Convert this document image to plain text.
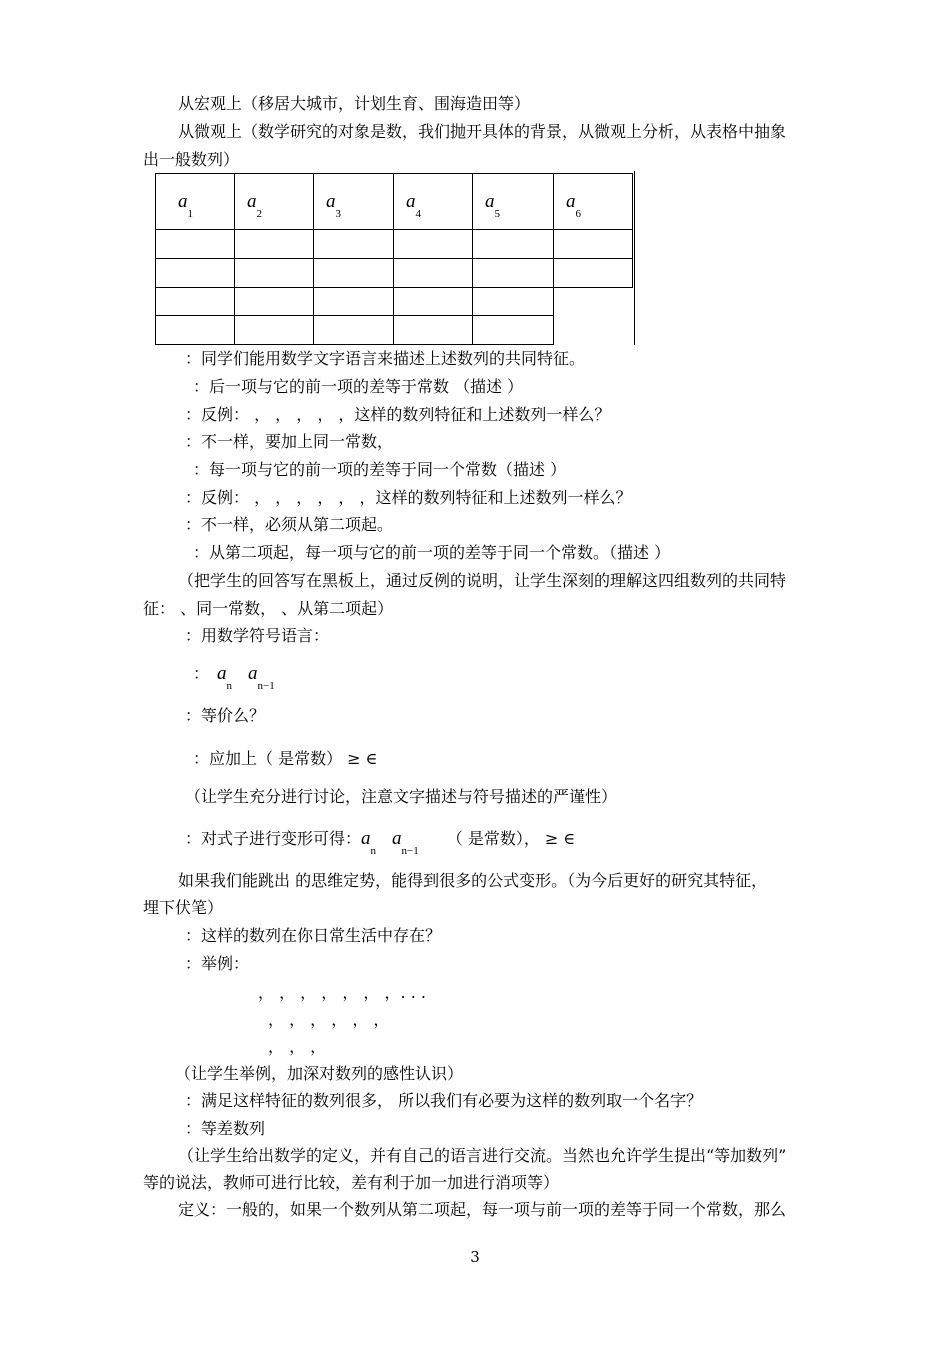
从宏观上（移居大城市，计划生育、围海造田等）
从微观上（数学研究的对象是数，我们抛开具体的背景，从微观上分析，从表格中抽象
出一般数列）
$a_1$	$a_2$	$a_3$	$a_4$	$a_5$	$a_6$

：同学们能用数学文字语言来描述上述数列的共同特征。
：后一项与它的前一项的差等于常数 （描述 ）
：反例： ， ， ， ， ，这样的数列特征和上述数列一样么？
：不一样，要加上同一常数，
：每一项与它的前一项的差等于同一个常数（描述 ）
：反例： ， ， ， ， ， ，这样的数列特征和上述数列一样么？
：不一样，必须从第二项起。
：从第二项起，每一项与它的前一项的差等于同一个常数。（描述 ）
（把学生的回答写在黑板上，通过反例的说明，让学生深刻的理解这四组数列的共同特
征： 、同一常数， 、从第二项起）
：用数学符号语言：
： $a_na_{n-1}$
：等价么？
：应加上（ 是常数） ≥ ∈
（让学生充分进行讨论，注意文字描述与符号描述的严谨性）
：对式子进行变形可得：$a_na_{n-1}$（ 是常数）， ≥ ∈
如果我们能跳出 的思维定势，能得到很多的公式变形。（为今后更好的研究其特征，
埋下伏笔）
：这样的数列在你日常生活中存在？
：举例：
， ， ， ， ， ， ，. . .
， ， ， ， ， ，
， ， ，
（让学生举例，加深对数列的感性认识）
：满足这样特征的数列很多， 所以我们有必要为这样的数列取一个名字？
：等差数列
（让学生给出数学的定义，并有自己的语言进行交流。当然也允许学生提出“等加数列”
等的说法，教师可进行比较，差有利于加一加进行消项等）
定义：一般的，如果一个数列从第二项起，每一项与前一项的差等于同一个常数，那么
3
